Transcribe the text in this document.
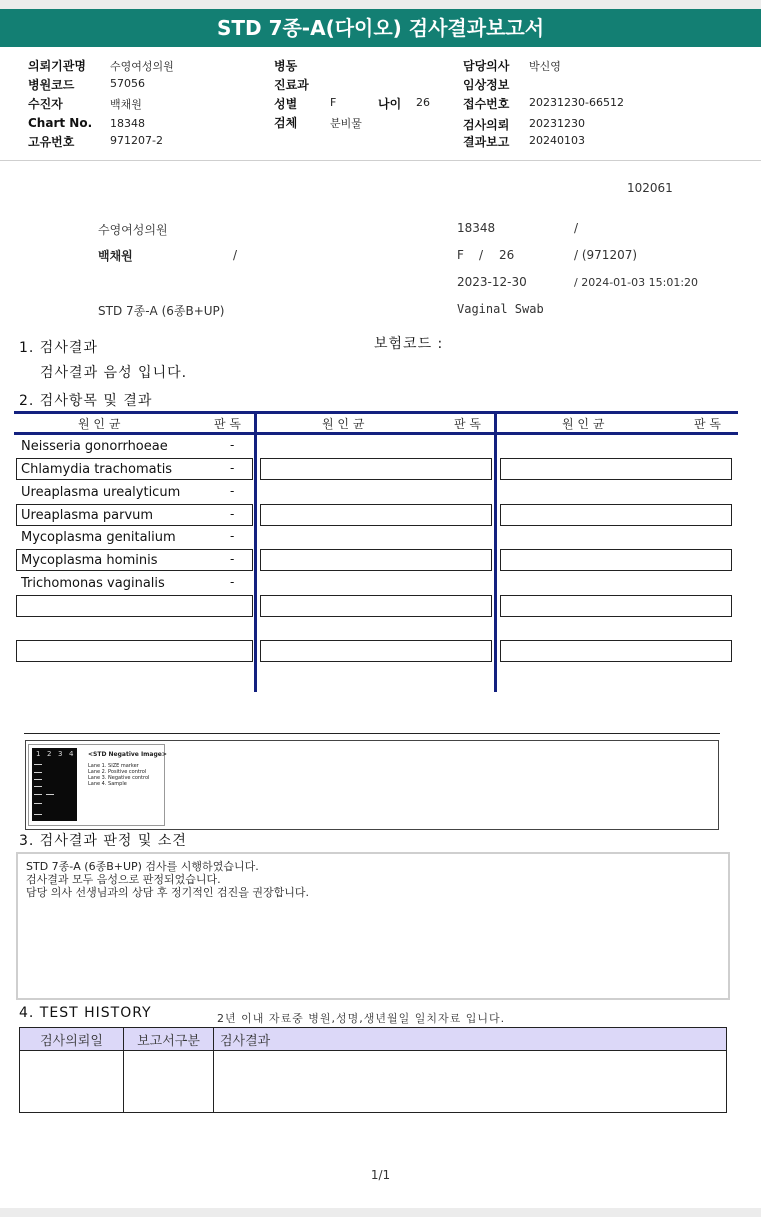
STD 7종-A(다이오) 검사결과보고서
의뢰기관명 수영여성의원
병원코드	57056
수진자	백채원
Chart No. 18348
고유번호	971207-2
병동
진료과
성별	F	나이 26
검체	분비물
담당의사 박신영
임상정보
접수번호 20231230-66512
검사의뢰 20231230
결과보고 20240103
102061
수영여성의원	18348	/
백채원	/	F / 26	/ (971207)
2023-12-30	/ 2024-01-03 15:01:20
STD 7종-A (6종B+UP)	Vaginal Swab
1. 검사결과	보험코드 :
검사결과 음성 입니다.
2. 검사항목 및 결과
원 인 균	판 독	원 인 균	판 독	원 인 균	판 독
Neisseria gonorrhoeae	-
Chlamydia trachomatis	-
Ureaplasma urealyticum	-
Ureaplasma parvum	-
Mycoplasma genitalium	-
Mycoplasma hominis	-
Trichomonas vaginalis	-
1 2 3 4 <STD Negative Image>
Lane 1. SIZE marker
Lane 2. Positive control
Lane 3. Negative control
Lane 4. Sample
3. 검사결과 판정 및 소견
STD 7종-A (6종B+UP) 검사를 시행하였습니다.
검사결과 모두 음성으로 판정되었습니다.
담당 의사 선생님과의 상담 후 정기적인 검진을 권장합니다.
4. TEST HISTORY	2년 이내 자료중 병원,성명,생년월일 일치자료 입니다.
검사의뢰일	보고서구분	검사결과

1/1
